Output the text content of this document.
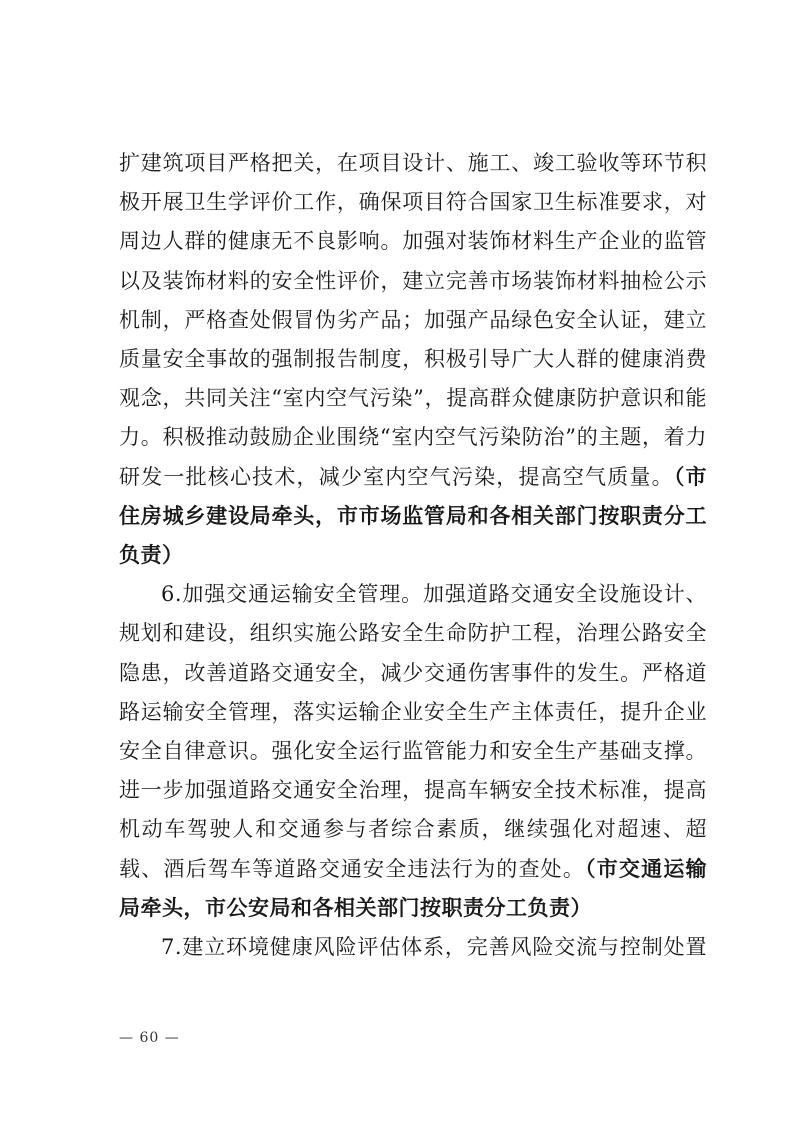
扩建筑项目严格把关，在项目设计、施工、竣工验收等环节积
极开展卫生学评价工作，确保项目符合国家卫生标准要求，对
周边人群的健康无不良影响。加强对装饰材料生产企业的监管
以及装饰材料的安全性评价，建立完善市场装饰材料抽检公示
机制，严格查处假冒伪劣产品；加强产品绿色安全认证，建立
质量安全事故的强制报告制度，积极引导广大人群的健康消费
观念，共同关注“室内空气污染”，提高群众健康防护意识和能
力。积极推动鼓励企业围绕“室内空气污染防治”的主题，着力
研发一批核心技术，减少室内空气污染，提高空气质量。（市
住房城乡建设局牵头，市市场监管局和各相关部门按职责分工
负责）
6.加强交通运输安全管理。加强道路交通安全设施设计、
规划和建设，组织实施公路安全生命防护工程，治理公路安全
隐患，改善道路交通安全，减少交通伤害事件的发生。严格道
路运输安全管理，落实运输企业安全生产主体责任，提升企业
安全自律意识。强化安全运行监管能力和安全生产基础支撑。
进一步加强道路交通安全治理，提高车辆安全技术标准，提高
机动车驾驶人和交通参与者综合素质，继续强化对超速、超
载、酒后驾车等道路交通安全违法行为的查处。（市交通运输
局牵头，市公安局和各相关部门按职责分工负责）
7.建立环境健康风险评估体系，完善风险交流与控制处置
— 60 —
